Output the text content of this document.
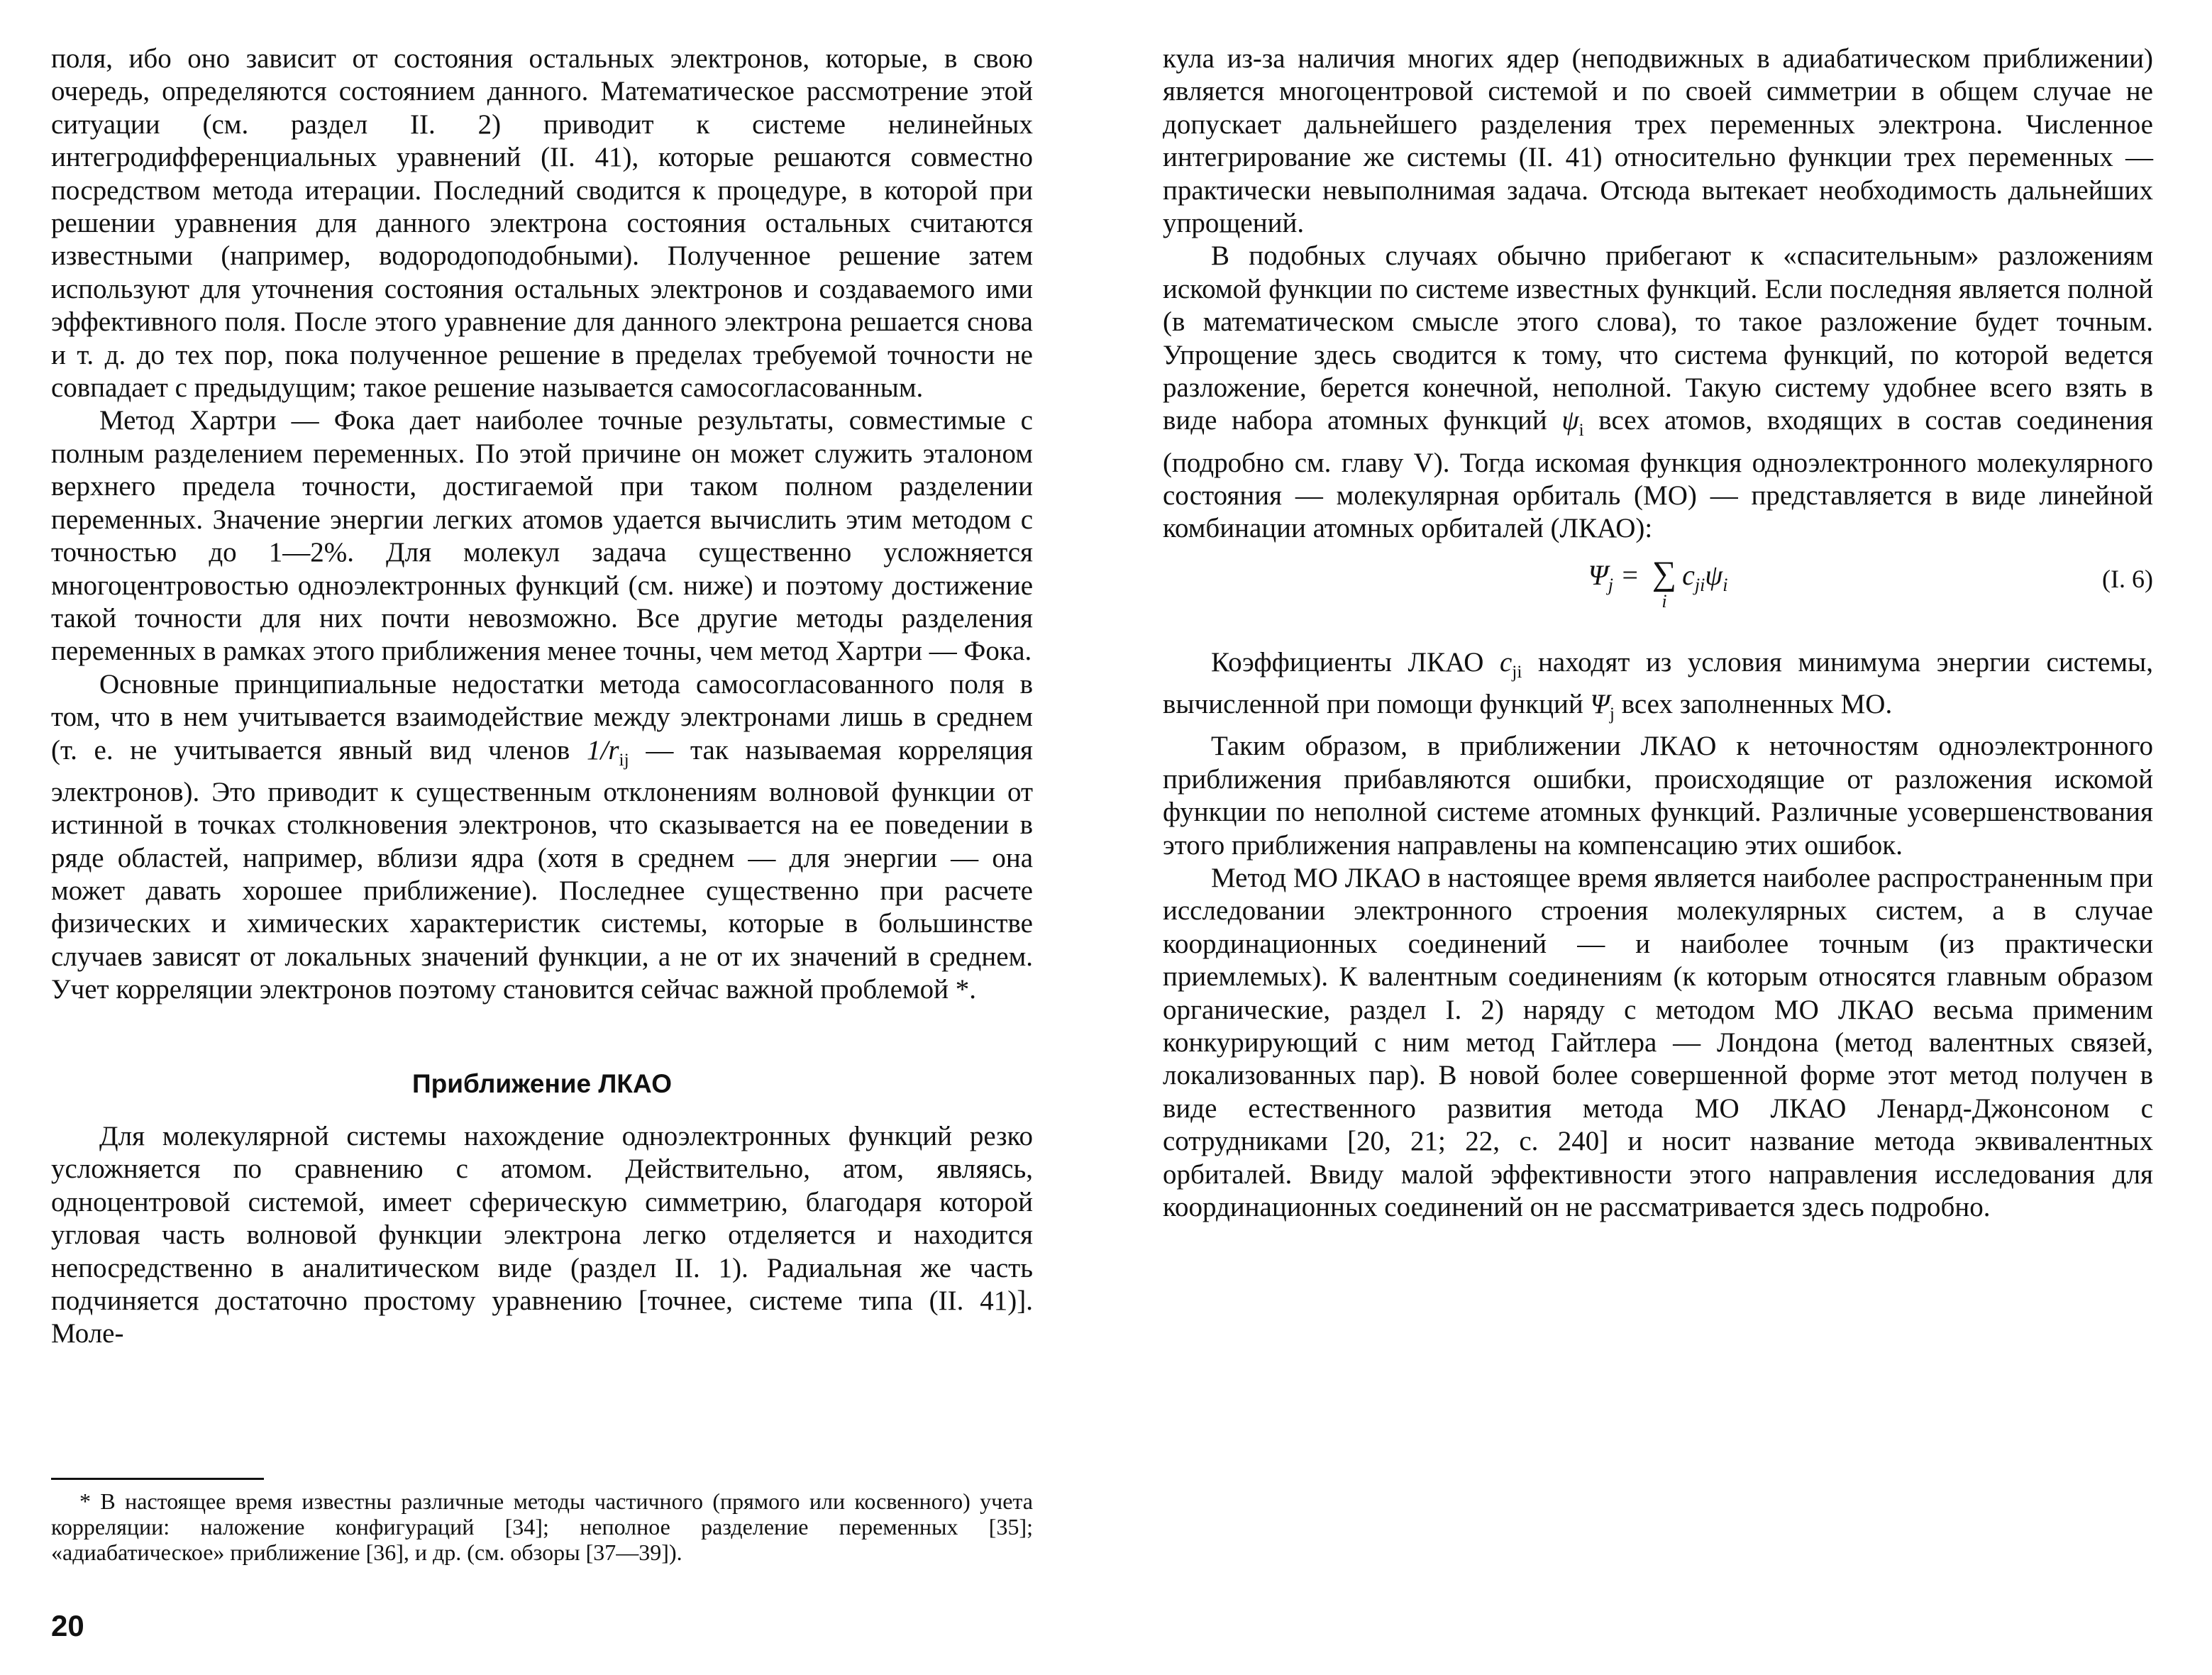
поля, ибо оно зависит от состояния остальных электронов, которые, в свою очередь, определяются состоянием данного. Математическое рассмотрение этой ситуации (см. раздел II. 2) приводит к системе нелинейных интегродифференциальных уравнений (II. 41), которые решаются совместно посредством метода итерации. Последний сводится к процедуре, в которой при решении уравнения для данного электрона состояния остальных считаются известными (например, водородоподобными). Полученное решение затем используют для уточнения состояния остальных электронов и создаваемого ими эффективного поля. После этого уравнение для данного электрона решается снова и т. д. до тех пор, пока полученное решение в пределах требуемой точности не совпадает с предыдущим; такое решение называется самосогласованным.

Метод Хартри — Фока дает наиболее точные результаты, совместимые с полным разделением переменных. По этой причине он может служить эталоном верхнего предела точности, достигаемой при таком полном разделении переменных. Значение энергии легких атомов удается вычислить этим методом с точностью до 1—2%. Для молекул задача существенно усложняется многоцентровостью одноэлектронных функций (см. ниже) и поэтому достижение такой точности для них почти невозможно. Все другие методы разделения переменных в рамках этого приближения менее точны, чем метод Хартри — Фока.

Основные принципиальные недостатки метода самосогласованного поля в том, что в нем учитывается взаимодействие между электронами лишь в среднем (т. е. не учитывается явный вид членов $1/r_{ij}$ — так называемая корреляция электронов). Это приводит к существенным отклонениям волновой функции от истинной в точках столкновения электронов, что сказывается на ее поведении в ряде областей, например, вблизи ядра (хотя в среднем — для энергии — она может давать хорошее приближение). Последнее существенно при расчете физических и химических характеристик системы, которые в большинстве случаев зависят от локальных значений функции, а не от их значений в среднем. Учет корреляции электронов поэтому становится сейчас важной проблемой *.

Приближение ЛКАО

Для молекулярной системы нахождение одноэлектронных функций резко усложняется по сравнению с атомом. Действительно, атом, являясь, одноцентровой системой, имеет сферическую симметрию, благодаря которой угловая часть волновой функции электрона легко отделяется и находится непосредственно в аналитическом виде (раздел II. 1). Радиальная же часть подчиняется достаточно простому уравнению [точнее, системе типа (II. 41)]. Моле-

* В настоящее время известны различные методы частичного (прямого или косвенного) учета корреляции: наложение конфигураций [34]; неполное разделение переменных [35]; «адиабатическое» приближение [36], и др. (см. обзоры [37—39]).
20

кула из-за наличия многих ядер (неподвижных в адиабатическом приближении) является многоцентровой системой и по своей симметрии в общем случае не допускает дальнейшего разделения трех переменных электрона. Численное интегрирование же системы (II. 41) относительно функции трех переменных — практически невыполнимая задача. Отсюда вытекает необходимость дальнейших упрощений.

В подобных случаях обычно прибегают к «спасительным» разложениям искомой функции по системе известных функций. Если последняя является полной (в математическом смысле этого слова), то такое разложение будет точным. Упрощение здесь сводится к тому, что система функций, по которой ведется разложение, берется конечной, неполной. Такую систему удобнее всего взять в виде набора атомных функций $\psi_i$ всех атомов, входящих в состав соединения (подробно см. главу V). Тогда искомая функция одноэлектронного молекулярного состояния — молекулярная орбиталь (МО) — представляется в виде линейной комбинации атомных орбиталей (ЛКАО):

$\Psi_j$ = ∑
i
$c_{ji}\psi_i$	(I. 6)

Коэффициенты ЛКАО $c_{ji}$ находят из условия минимума энергии системы, вычисленной при помощи функций $\Psi_j$ всех заполненных МО.

Таким образом, в приближении ЛКАО к неточностям одноэлектронного приближения прибавляются ошибки, происходящие от разложения искомой функции по неполной системе атомных функций. Различные усовершенствования этого приближения направлены на компенсацию этих ошибок.

Метод МО ЛКАО в настоящее время является наиболее распространенным при исследовании электронного строения молекулярных систем, а в случае координационных соединений — и наиболее точным (из практически приемлемых). К валентным соединениям (к которым относятся главным образом органические, раздел I. 2) наряду с методом МО ЛКАО весьма применим конкурирующий с ним метод Гайтлера — Лондона (метод валентных связей, локализованных пар). В новой более совершенной форме этот метод получен в виде естественного развития метода МО ЛКАО Ленард-Джонсоном с сотрудниками [20, 21; 22, с. 240] и носит название метода эквивалентных орбиталей. Ввиду малой эффективности этого направления исследования для координационных соединений он не рассматривается здесь подробно.
